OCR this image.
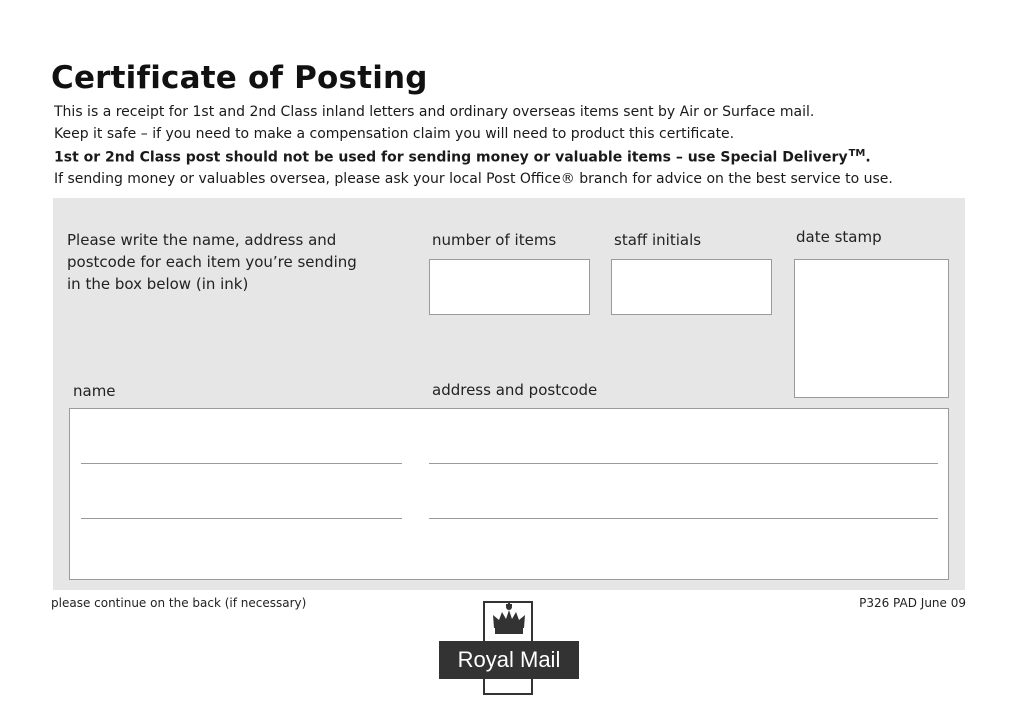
Certificate of Posting
This is a receipt for 1st and 2nd Class inland letters and ordinary overseas items sent by Air or Surface mail.
Keep it safe – if you need to make a compensation claim you will need to product this certificate.
1st or 2nd Class post should not be used for sending money or valuable items – use Special Delivery™.
If sending money or valuables oversea, please ask your local Post Office® branch for advice on the best service to use.
Please write the name, address and postcode for each item you’re sending in the box below (in ink)
number of items	staff initials	date stamp
name	address and postcode
please continue on the back (if necessary)	P326 PAD June 09
Royal Mail
